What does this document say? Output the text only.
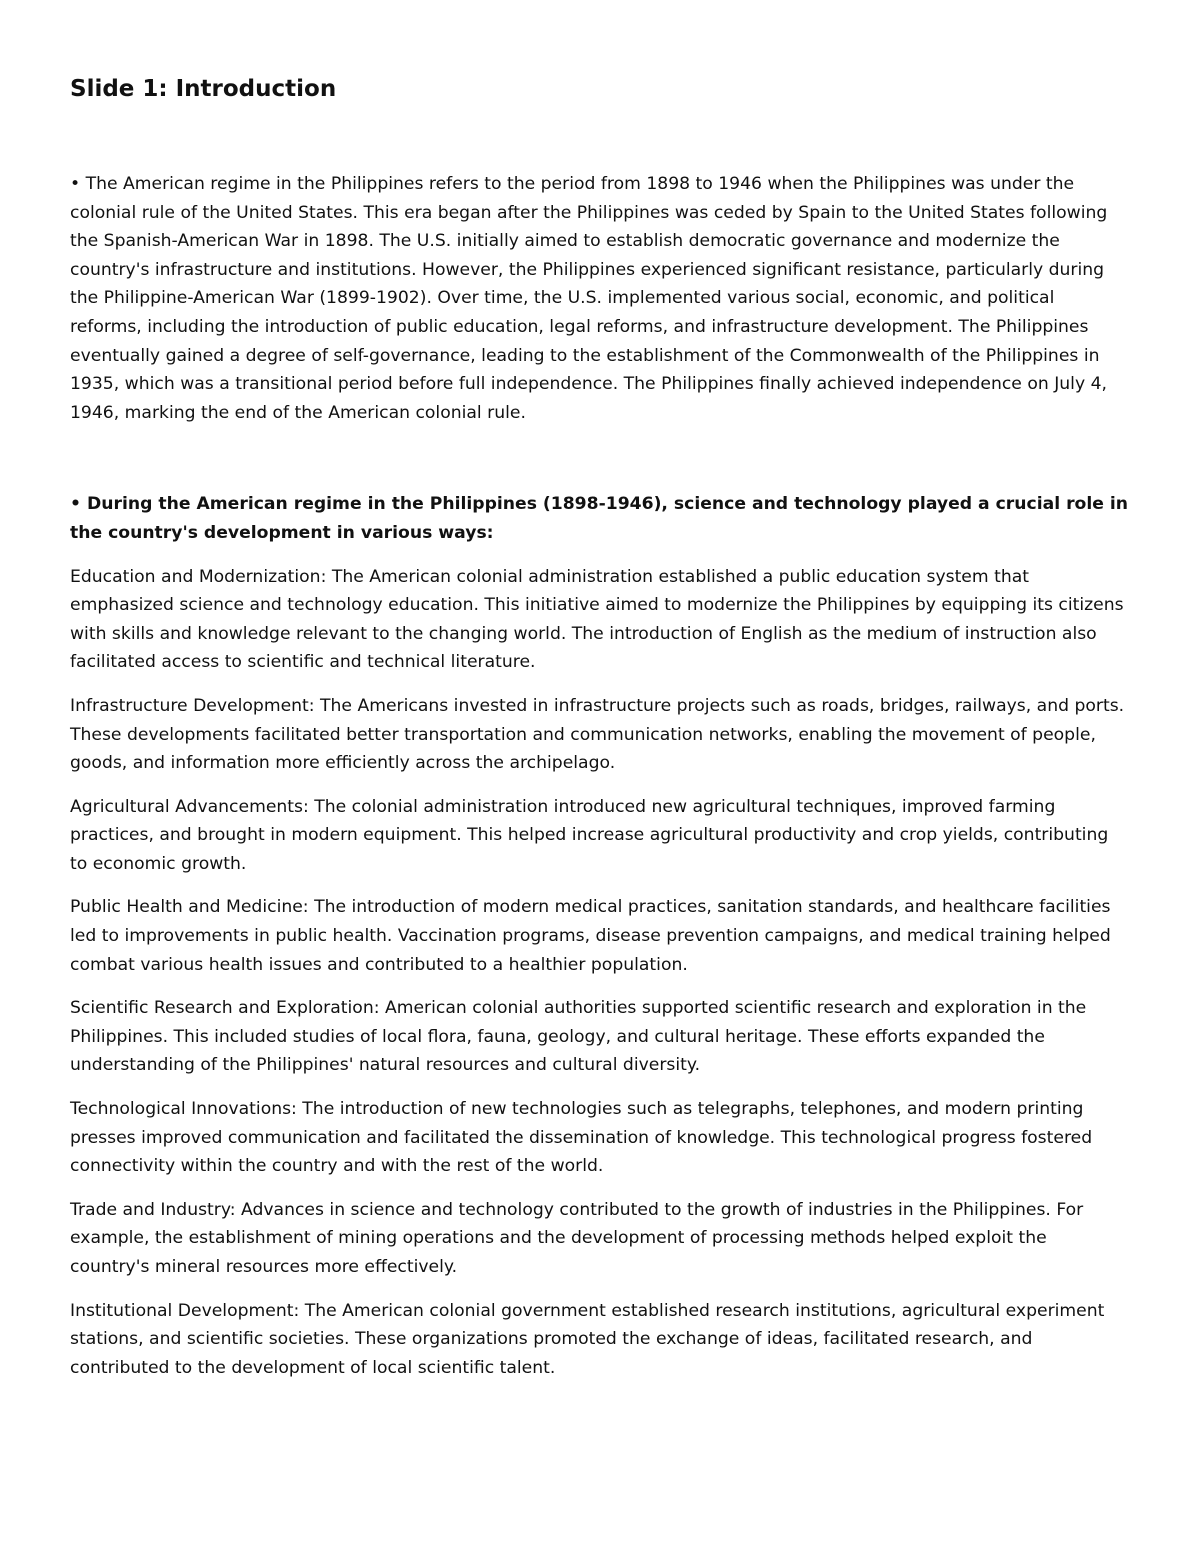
Slide 1: Introduction

• The American regime in the Philippines refers to the period from 1898 to 1946 when the Philippines was under the colonial rule of the United States. This era began after the Philippines was ceded by Spain to the United States following the Spanish-American War in 1898. The U.S. initially aimed to establish democratic governance and modernize the country's infrastructure and institutions. However, the Philippines experienced significant resistance, particularly during the Philippine-American War (1899-1902). Over time, the U.S. implemented various social, economic, and political reforms, including the introduction of public education, legal reforms, and infrastructure development. The Philippines eventually gained a degree of self-governance, leading to the establishment of the Commonwealth of the Philippines in 1935, which was a transitional period before full independence. The Philippines finally achieved independence on July 4, 1946, marking the end of the American colonial rule.

• During the American regime in the Philippines (1898-1946), science and technology played a crucial role in the country's development in various ways:

Education and Modernization: The American colonial administration established a public education system that emphasized science and technology education. This initiative aimed to modernize the Philippines by equipping its citizens with skills and knowledge relevant to the changing world. The introduction of English as the medium of instruction also facilitated access to scientific and technical literature.

Infrastructure Development: The Americans invested in infrastructure projects such as roads, bridges, railways, and ports. These developments facilitated better transportation and communication networks, enabling the movement of people, goods, and information more efficiently across the archipelago.

Agricultural Advancements: The colonial administration introduced new agricultural techniques, improved farming practices, and brought in modern equipment. This helped increase agricultural productivity and crop yields, contributing to economic growth.

Public Health and Medicine: The introduction of modern medical practices, sanitation standards, and healthcare facilities led to improvements in public health. Vaccination programs, disease prevention campaigns, and medical training helped combat various health issues and contributed to a healthier population.

Scientific Research and Exploration: American colonial authorities supported scientific research and exploration in the Philippines. This included studies of local flora, fauna, geology, and cultural heritage. These efforts expanded the understanding of the Philippines' natural resources and cultural diversity.

Technological Innovations: The introduction of new technologies such as telegraphs, telephones, and modern printing presses improved communication and facilitated the dissemination of knowledge. This technological progress fostered connectivity within the country and with the rest of the world.

Trade and Industry: Advances in science and technology contributed to the growth of industries in the Philippines. For example, the establishment of mining operations and the development of processing methods helped exploit the country's mineral resources more effectively.

Institutional Development: The American colonial government established research institutions, agricultural experiment stations, and scientific societies. These organizations promoted the exchange of ideas, facilitated research, and contributed to the development of local scientific talent.
